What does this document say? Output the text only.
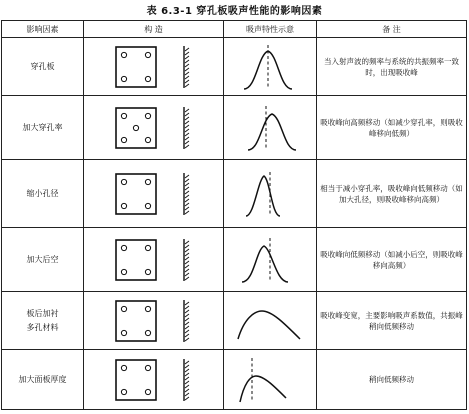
表 6.3-1 穿孔板吸声性能的影响因素
影响因素	构 造	吸声特性示意	备 注

穿孔板			当入射声波的频率与系统的共振频率一致时，出现吸收峰

加大穿孔率			吸收峰向高频移动（如减少穿孔率，则吸收峰移向低频）

缩小孔径			相当于减小穿孔率，吸收峰向低频移动（如加大孔径，则吸收峰移向高频）

加大后空			吸收峰向低频移动（如减小后空，则吸收峰移向高频）

板后加衬
多孔材料			吸收峰变宽，主要影响吸声系数值，共振峰稍向低频移动

加大面板厚度			稍向低频移动
